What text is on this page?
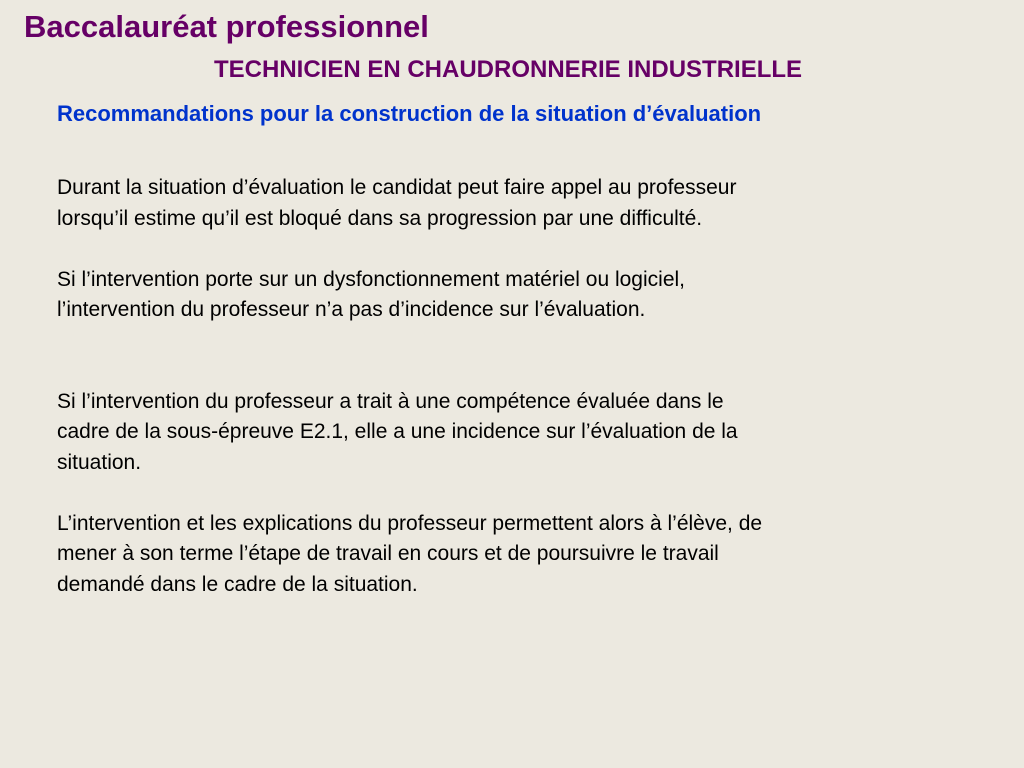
Baccalauréat professionnel
TECHNICIEN EN CHAUDRONNERIE INDUSTRIELLE
Recommandations pour la construction de la situation d’évaluation

Durant la situation d’évaluation le candidat peut faire appel au professeur

lorsqu’il estime qu’il est bloqué dans sa progression par une difficulté.

Si l’intervention porte sur un dysfonctionnement matériel ou logiciel,

l’intervention du professeur n’a pas d’incidence sur l’évaluation.

Si l’intervention du professeur a trait à une compétence évaluée dans le

cadre de la sous-épreuve E2.1, elle a une incidence sur l’évaluation de la

situation.

L’intervention et les explications du professeur permettent alors à l’élève, de

mener à son terme l’étape de travail en cours et de poursuivre le travail

demandé dans le cadre de la situation.
